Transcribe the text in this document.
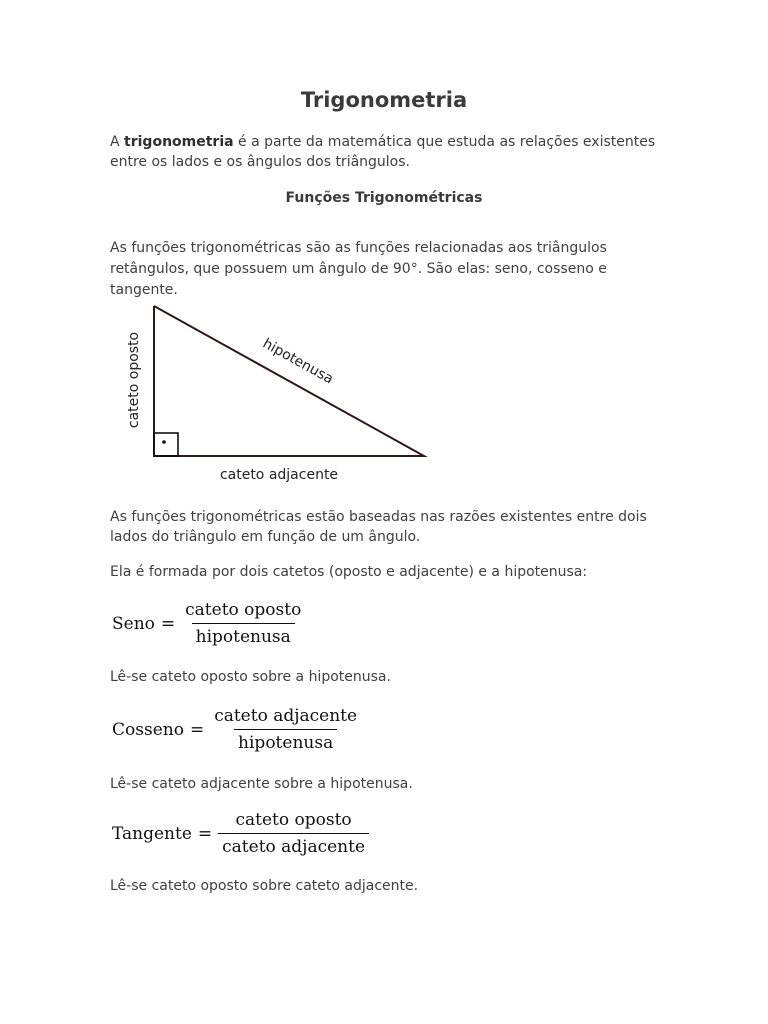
Trigonometria

A trigonometria é a parte da matemática que estuda as relações existentes entre os lados e os ângulos dos triângulos.

Funções Trigonométricas

As funções trigonométricas são as funções relacionadas aos triângulos retângulos, que possuem um ângulo de 90°. São elas: seno, cosseno e tangente.

cateto oposto	hipotenusa
cateto adjacente

As funções trigonométricas estão baseadas nas razões existentes entre dois lados do triângulo em função de um ângulo.

Ela é formada por dois catetos (oposto e adjacente) e a hipotenusa:

Seno = $\frac{\text{cateto oposto}}{\text{hipotenusa}}$

Lê-se cateto oposto sobre a hipotenusa.

Cosseno = $\frac{\text{cateto adjacente}}{\text{hipotenusa}}$

Lê-se cateto adjacente sobre a hipotenusa.

Tangente = $\frac{\text{cateto oposto}}{\text{cateto adjacente}}$

Lê-se cateto oposto sobre cateto adjacente.
